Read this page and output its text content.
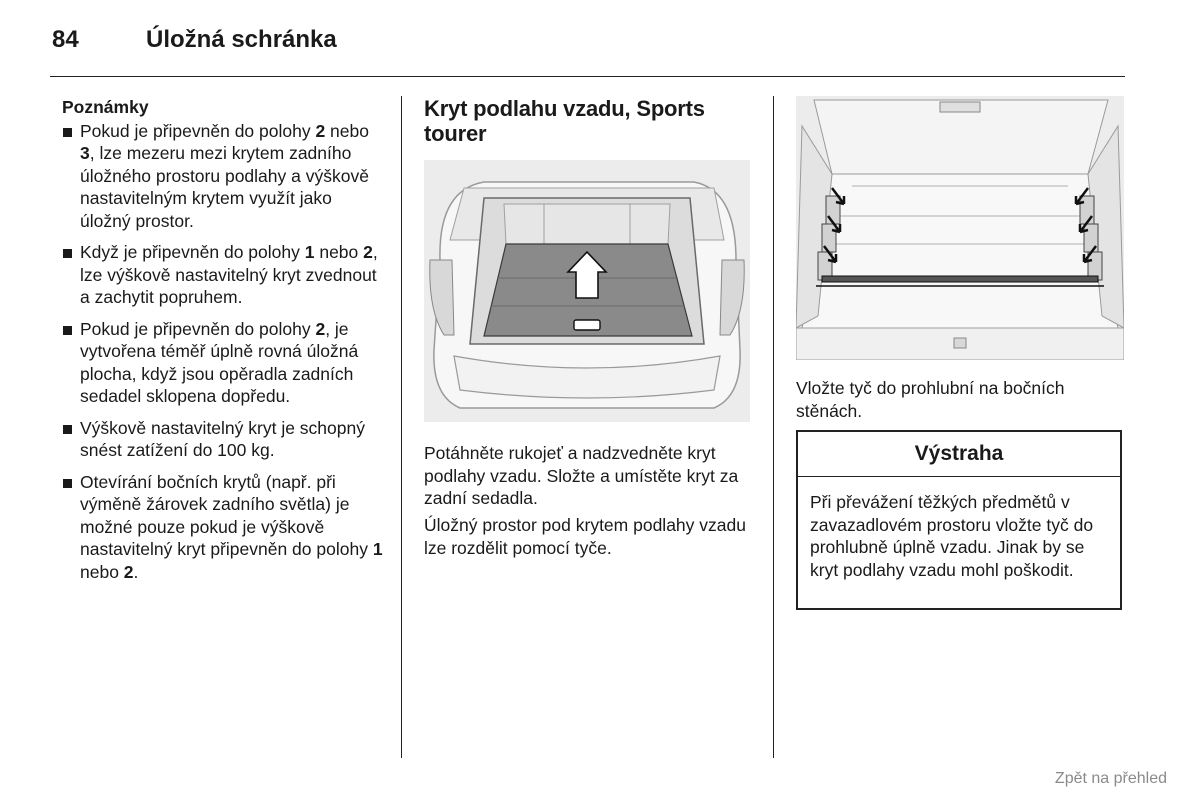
84	Úložná schránka
Poznámky
Pokud je připevněn do polohy 2 nebo 3, lze mezeru mezi krytem zadního úložného prostoru podlahy a výškově nastavitelným krytem využít jako úložný prostor.
Když je připevněn do polohy 1 nebo 2, lze výškově nastavitelný kryt zvednout a zachytit popruhem.
Pokud je připevněn do polohy 2, je vytvořena téměř úplně rovná úložná plocha, když jsou opěradla zadních sedadel sklopena dopředu.
Výškově nastavitelný kryt je schopný snést zatížení do 100 kg.
Otevírání bočních krytů (např. při výměně žárovek zadního světla) je možné pouze pokud je výškově nastavitelný kryt připevněn do polohy 1 nebo 2.
Kryt podlahu vzadu, Sports tourer

Potáhněte rukojeť a nadzvedněte kryt podlahy vzadu. Složte a umístěte kryt za zadní sedadla.

Úložný prostor pod krytem podlahy vzadu lze rozdělit pomocí tyče.

Vložte tyč do prohlubní na bočních stěnách.

Výstraha
Při převážení těžkých předmětů v zavazadlovém prostoru vložte tyč do prohlubně úplně vzadu. Jinak by se kryt podlahy vzadu mohl poškodit.
Zpět na přehled
